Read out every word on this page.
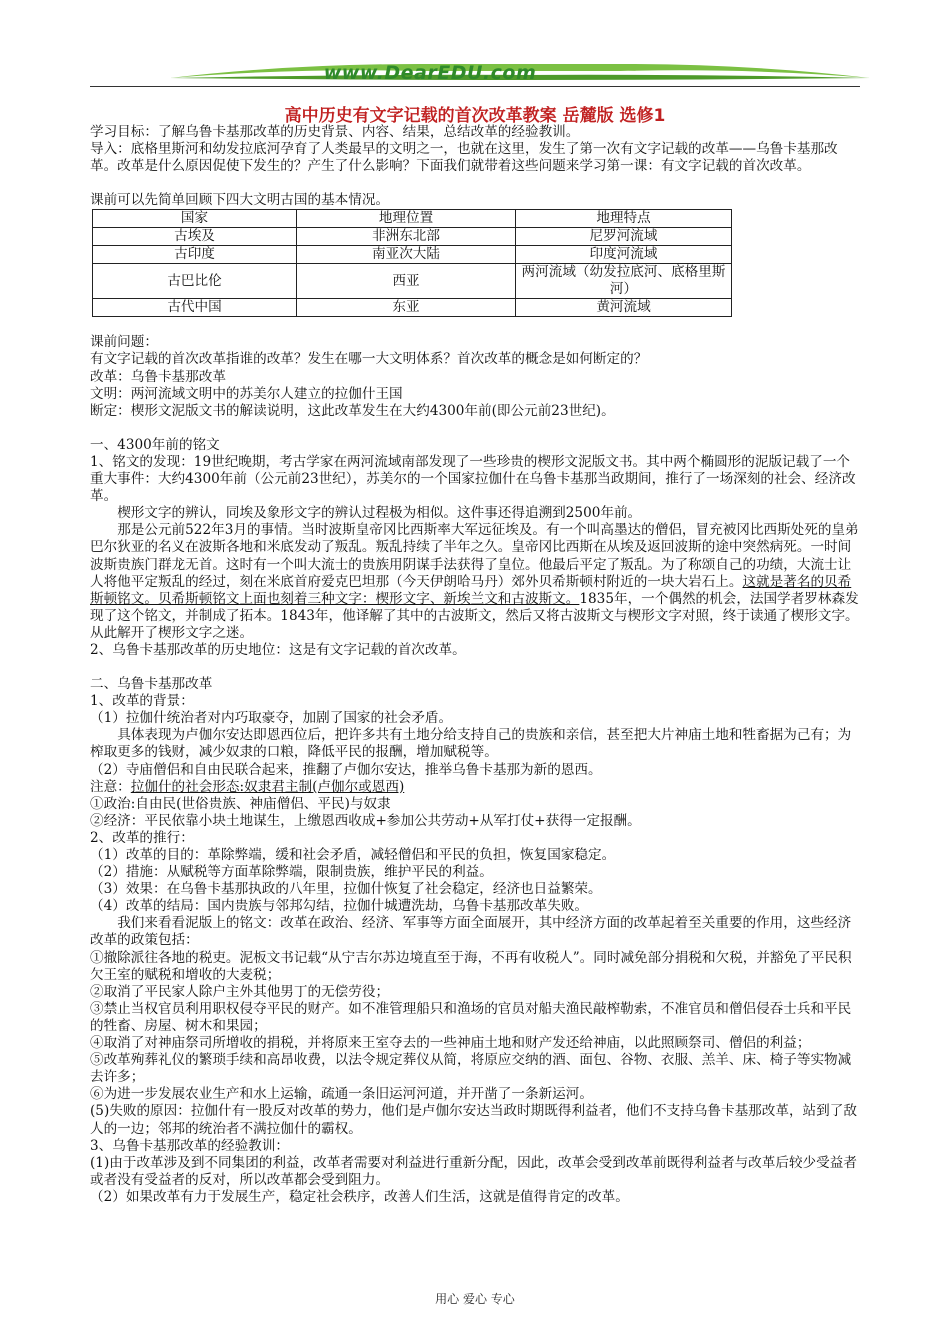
www.DearEDU.com
高中历史有文字记载的首次改革教案 岳麓版 选修1

学习目标：了解乌鲁卡基那改革的历史背景、内容、结果，总结改革的经验教训。

导入：底格里斯河和幼发拉底河孕育了人类最早的文明之一，也就在这里，发生了第一次有文字记载的改革——乌鲁卡基那改革。改革是什么原因促使下发生的？产生了什么影响？下面我们就带着这些问题来学习第一课：有文字记载的首次改革。

课前可以先简单回顾下四大文明古国的基本情况。

国家	地理位置	地理特点
古埃及	非洲东北部	尼罗河流域
古印度	南亚次大陆	印度河流域
古巴比伦	西亚	两河流域（幼发拉底河、底格里斯河）
古代中国	东亚	黄河流域

课前问题：

有文字记载的首次改革指谁的改革？发生在哪一大文明体系？首次改革的概念是如何断定的？

改革：乌鲁卡基那改革

文明：两河流域文明中的苏美尔人建立的拉伽什王国

断定：楔形文泥版文书的解读说明，这此改革发生在大约4300年前(即公元前23世纪)。

一、4300年前的铭文

1、铭文的发现：19世纪晚期，考古学家在两河流域南部发现了一些珍贵的楔形文泥版文书。其中两个椭圆形的泥版记载了一个重大事件：大约4300年前（公元前23世纪），苏美尔的一个国家拉伽什在乌鲁卡基那当政期间，推行了一场深刻的社会、经济改革。

楔形文字的辨认，同埃及象形文字的辨认过程极为相似。这件事还得追溯到2500年前。

那是公元前522年3月的事情。当时波斯皇帝冈比西斯率大军远征埃及。有一个叫高墨达的僧侣，冒充被冈比西斯处死的皇弟巴尔狄亚的名义在波斯各地和米底发动了叛乱。叛乱持续了半年之久。皇帝冈比西斯在从埃及返回波斯的途中突然病死。一时间波斯贵族门群龙无首。这时有一个叫大流士的贵族用阴谋手法获得了皇位。他最后平定了叛乱。为了称颂自己的功绩，大流士让人将他平定叛乱的经过，刻在米底首府爱克巴坦那（今天伊朗哈马丹）郊外贝希斯顿村附近的一块大岩石上。这就是著名的贝希斯顿铭文。贝希斯顿铭文上面也刻着三种文字：楔形文字、新埃兰文和古波斯文。1835年，一个偶然的机会，法国学者罗林森发现了这个铭文，并制成了拓本。1843年，他译解了其中的古波斯文，然后又将古波斯文与楔形文字对照，终于读通了楔形文字。从此解开了楔形文字之迷。

2、乌鲁卡基那改革的历史地位：这是有文字记载的首次改革。

二、乌鲁卡基那改革

1、改革的背景：

（1）拉伽什统治者对内巧取豪夺，加剧了国家的社会矛盾。

具体表现为卢伽尔安达即恩西位后，把许多共有土地分给支持自己的贵族和亲信，甚至把大片神庙土地和牲畜据为己有；为榨取更多的钱财，减少奴隶的口粮，降低平民的报酬，增加赋税等。

（2）寺庙僧侣和自由民联合起来，推翻了卢伽尔安达，推举乌鲁卡基那为新的恩西。

注意：拉伽什的社会形态:奴隶君主制(卢伽尔或恩西)

①政治:自由民(世俗贵族、神庙僧侣、平民)与奴隶

②经济：平民依靠小块土地谋生，上缴恩西收成+参加公共劳动+从军打仗+获得一定报酬。

2、改革的推行：

（1）改革的目的：革除弊端，缓和社会矛盾，减轻僧侣和平民的负担，恢复国家稳定。

（2）措施：从赋税等方面革除弊端，限制贵族，维护平民的利益。

（3）效果：在乌鲁卡基那执政的八年里，拉伽什恢复了社会稳定，经济也日益繁荣。

（4）改革的结局：国内贵族与邻邦勾结，拉伽什城遭洗劫，乌鲁卡基那改革失败。

我们来看看泥版上的铭文：改革在政治、经济、军事等方面全面展开，其中经济方面的改革起着至关重要的作用，这些经济改革的政策包括：

①撤除派往各地的税吏。泥板文书记载“从宁吉尔苏边境直至于海，不再有收税人”。同时减免部分捐税和欠税，并豁免了平民积欠王室的赋税和增收的大麦税；

②取消了平民家人除户主外其他男丁的无偿劳役；

③禁止当权官员利用职权侵夺平民的财产。如不准管理船只和渔场的官员对船夫渔民敲榨勒索，不准官员和僧侣侵吞士兵和平民的牲畜、房屋、树木和果园；

④取消了对神庙祭司所增收的捐税，并将原来王室夺去的一些神庙土地和财产发还给神庙，以此照顾祭司、僧侣的利益；

⑤改革殉葬礼仪的繁琐手续和高昂收费，以法令规定葬仪从简，将原应交纳的酒、面包、谷物、衣服、羔羊、床、椅子等实物减去许多；

⑥为进一步发展农业生产和水上运输，疏通一条旧运河河道，并开凿了一条新运河。

(5)失败的原因：拉伽什有一股反对改革的势力，他们是卢伽尔安达当政时期既得利益者，他们不支持乌鲁卡基那改革，站到了敌人的一边；邻邦的统治者不满拉伽什的霸权。

3、乌鲁卡基那改革的经验教训：

(1)由于改革涉及到不同集团的利益，改革者需要对利益进行重新分配，因此，改革会受到改革前既得利益者与改革后较少受益者或者没有受益者的反对，所以改革都会受到阻力。

（2）如果改革有力于发展生产，稳定社会秩序，改善人们生活，这就是值得肯定的改革。

用心 爱心 专心
